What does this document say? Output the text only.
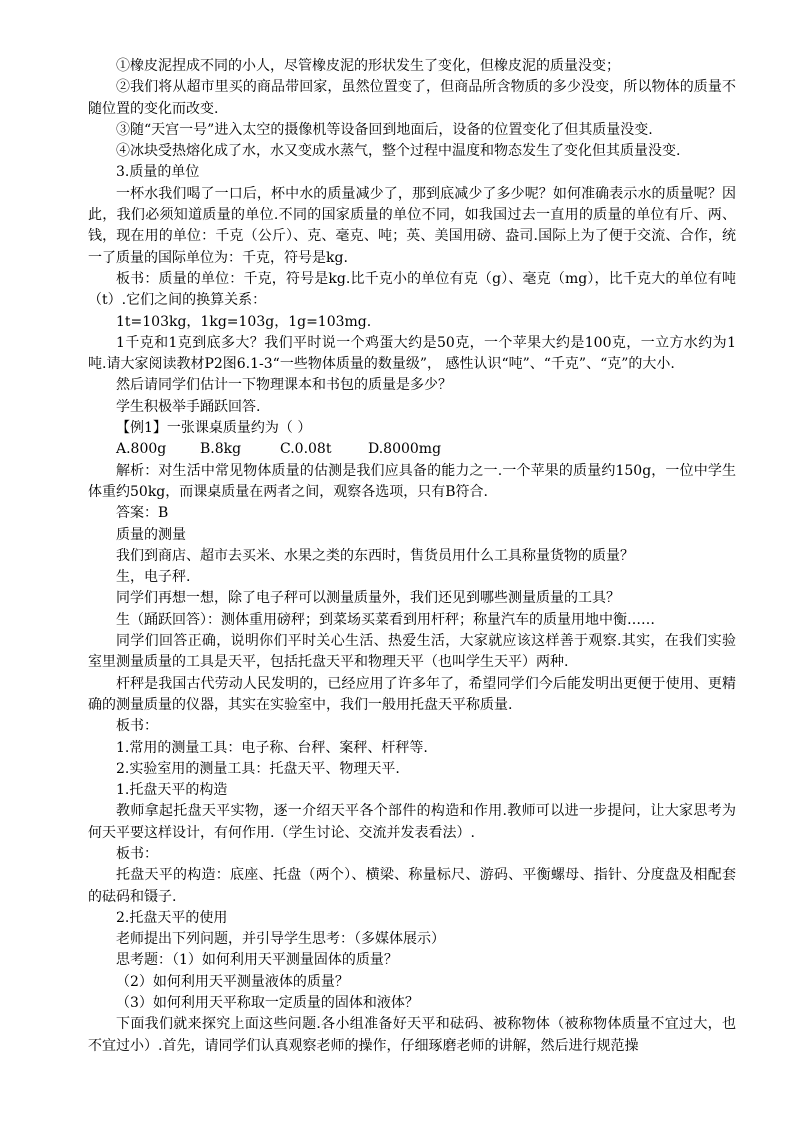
①橡皮泥捏成不同的小人，尽管橡皮泥的形状发生了变化，但橡皮泥的质量没变；

②我们将从超市里买的商品带回家，虽然位置变了，但商品所含物质的多少没变，所以物体的质量不随位置的变化而改变.

③随“天宫一号”进入太空的摄像机等设备回到地面后，设备的位置变化了但其质量没变.

④冰块受热熔化成了水，水又变成水蒸气，整个过程中温度和物态发生了变化但其质量没变.

3.质量的单位

一杯水我们喝了一口后，杯中水的质量减少了，那到底减少了多少呢？如何准确表示水的质量呢？因此，我们必须知道质量的单位.不同的国家质量的单位不同，如我国过去一直用的质量的单位有斤、两、钱，现在用的单位：千克（公斤）、克、毫克、吨；英、美国用磅、盎司.国际上为了便于交流、合作，统一了质量的国际单位为：千克，符号是kg.

板书：质量的单位：千克，符号是kg.比千克小的单位有克（g）、毫克（mg），比千克大的单位有吨（t）.它们之间的换算关系：

1t=103kg，1kg=103g，1g=103mg.

1千克和1克到底多大？我们平时说一个鸡蛋大约是50克，一个苹果大约是100克，一立方水约为1吨.请大家阅读教材P2图6.1-3“一些物体质量的数量级”， 感性认识“吨”、“千克”、“克”的大小.

然后请同学们估计一下物理课本和书包的质量是多少？

学生积极举手踊跃回答.

【例1】一张课桌质量约为（ ）

A.800g B.8kg	C.0.08t	D.8000mg

解析：对生活中常见物体质量的估测是我们应具备的能力之一.一个苹果的质量约150g，一位中学生体重约50kg，而课桌质量在两者之间，观察各选项，只有B符合.

答案：B

质量的测量

我们到商店、超市去买米、水果之类的东西时，售货员用什么工具称量货物的质量？

生，电子秤.

同学们再想一想，除了电子秤可以测量质量外，我们还见到哪些测量质量的工具？

生（踊跃回答）：测体重用磅秤；到菜场买菜看到用杆秤；称量汽车的质量用地中衡……

同学们回答正确，说明你们平时关心生活、热爱生活，大家就应该这样善于观察.其实，在我们实验室里测量质量的工具是天平，包括托盘天平和物理天平（也叫学生天平）两种.

杆秤是我国古代劳动人民发明的，已经应用了许多年了，希望同学们今后能发明出更便于使用、更精确的测量质量的仪器，其实在实验室中，我们一般用托盘天平称质量.

板书：

1.常用的测量工具：电子称、台秤、案秤、杆秤等.

2.实验室用的测量工具：托盘天平、物理天平.

1.托盘天平的构造

教师拿起托盘天平实物，逐一介绍天平各个部件的构造和作用.教师可以进一步提问，让大家思考为何天平要这样设计，有何作用.（学生讨论、交流并发表看法）.

板书：

托盘天平的构造：底座、托盘（两个）、横梁、称量标尺、游码、平衡螺母、指针、分度盘及相配套的砝码和镊子.

2.托盘天平的使用

老师提出下列问题，并引导学生思考：（多媒体展示）

思考题：（1）如何利用天平测量固体的质量？

（2）如何利用天平测量液体的质量？

（3）如何利用天平称取一定质量的固体和液体？

下面我们就来探究上面这些问题.各小组准备好天平和砝码、被称物体（被称物体质量不宜过大，也不宜过小）.首先，请同学们认真观察老师的操作，仔细琢磨老师的讲解，然后进行规范操
